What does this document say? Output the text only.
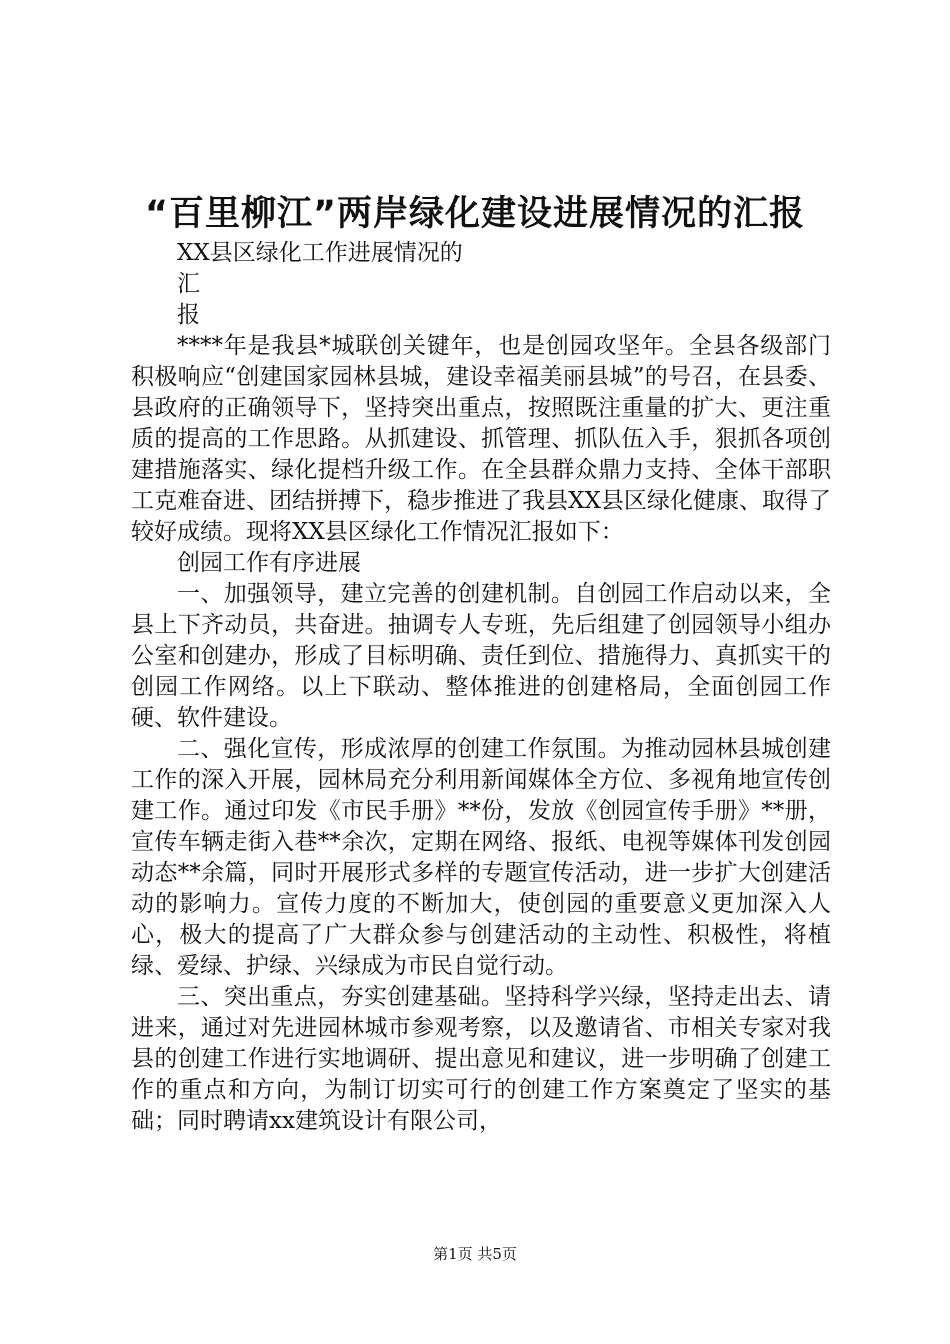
“百里柳江”两岸绿化建设进展情况的汇报

XX县区绿化工作进展情况的

汇

报

****年是我县*城联创关键年，也是创园攻坚年。全县各级部门积极响应“创建国家园林县城，建设幸福美丽县城”的号召，在县委、县政府的正确领导下，坚持突出重点，按照既注重量的扩大、更注重质的提高的工作思路。从抓建设、抓管理、抓队伍入手，狠抓各项创建措施落实、绿化提档升级工作。在全县群众鼎力支持、全体干部职工克难奋进、团结拼搏下，稳步推进了我县XX县区绿化健康、取得了较好成绩。现将XX县区绿化工作情况汇报如下：

创园工作有序进展

一、加强领导，建立完善的创建机制。自创园工作启动以来，全县上下齐动员，共奋进。抽调专人专班，先后组建了创园领导小组办公室和创建办，形成了目标明确、责任到位、措施得力、真抓实干的创园工作网络。以上下联动、整体推进的创建格局，全面创园工作硬、软件建设。

二、强化宣传，形成浓厚的创建工作氛围。为推动园林县城创建工作的深入开展，园林局充分利用新闻媒体全方位、多视角地宣传创建工作。通过印发《市民手册》**份，发放《创园宣传手册》**册，宣传车辆走街入巷**余次，定期在网络、报纸、电视等媒体刊发创园动态**余篇，同时开展形式多样的专题宣传活动，进一步扩大创建活动的影响力。宣传力度的不断加大，使创园的重要意义更加深入人心，极大的提高了广大群众参与创建活动的主动性、积极性，将植绿、爱绿、护绿、兴绿成为市民自觉行动。

三、突出重点，夯实创建基础。坚持科学兴绿，坚持走出去、请进来，通过对先进园林城市参观考察，以及邀请省、市相关专家对我县的创建工作进行实地调研、提出意见和建议，进一步明确了创建工作的重点和方向，为制订切实可行的创建工作方案奠定了坚实的基础；同时聘请xx建筑设计有限公司，

第1页 共5页
